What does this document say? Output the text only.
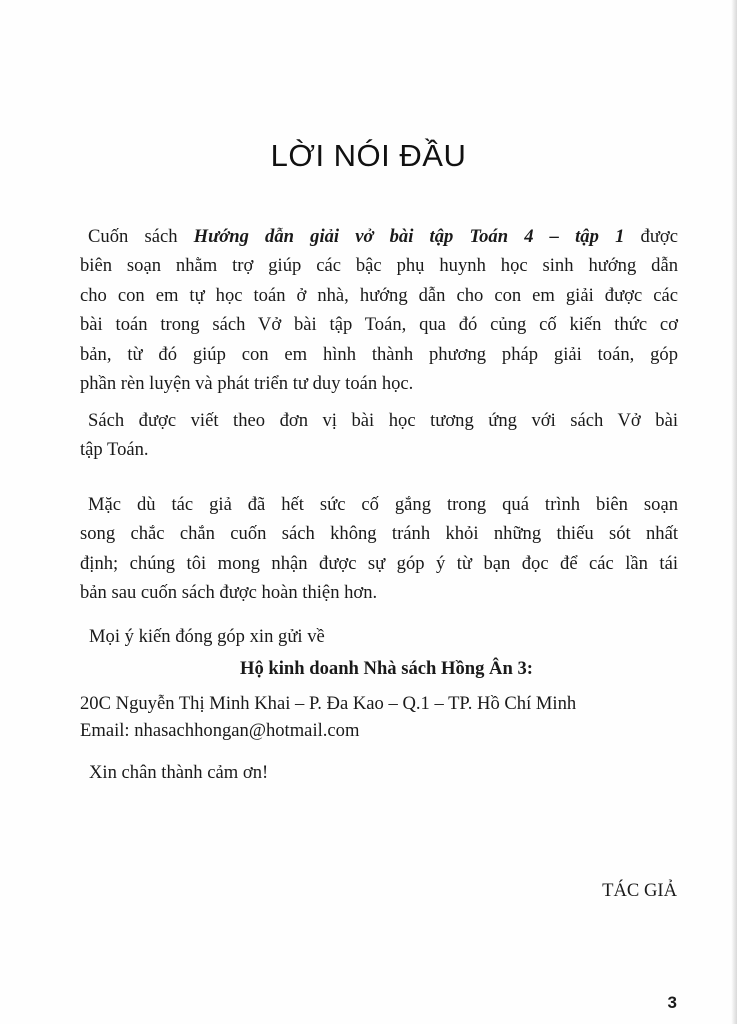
LỜI NÓI ĐẦU

Cuốn sách Hướng dẫn giải vở bài tập Toán 4 – tập 1 được
biên soạn nhằm trợ giúp các bậc phụ huynh học sinh hướng dẫn
cho con em tự học toán ở nhà, hướng dẫn cho con em giải được các
bài toán trong sách Vở bài tập Toán, qua đó củng cố kiến thức cơ
bản, từ đó giúp con em hình thành phương pháp giải toán, góp
phần rèn luyện và phát triển tư duy toán học.

Sách được viết theo đơn vị bài học tương ứng với sách Vở bài
tập Toán.

Mặc dù tác giả đã hết sức cố gắng trong quá trình biên soạn
song chắc chắn cuốn sách không tránh khỏi những thiếu sót nhất
định; chúng tôi mong nhận được sự góp ý từ bạn đọc để các lần tái
bản sau cuốn sách được hoàn thiện hơn.

Mọi ý kiến đóng góp xin gửi về

Hộ kinh doanh Nhà sách Hồng Ân 3:

20C Nguyễn Thị Minh Khai – P. Đa Kao – Q.1 – TP. Hồ Chí Minh

Email: nhasachhongan@hotmail.com

Xin chân thành cảm ơn!

TÁC GIẢ

3
